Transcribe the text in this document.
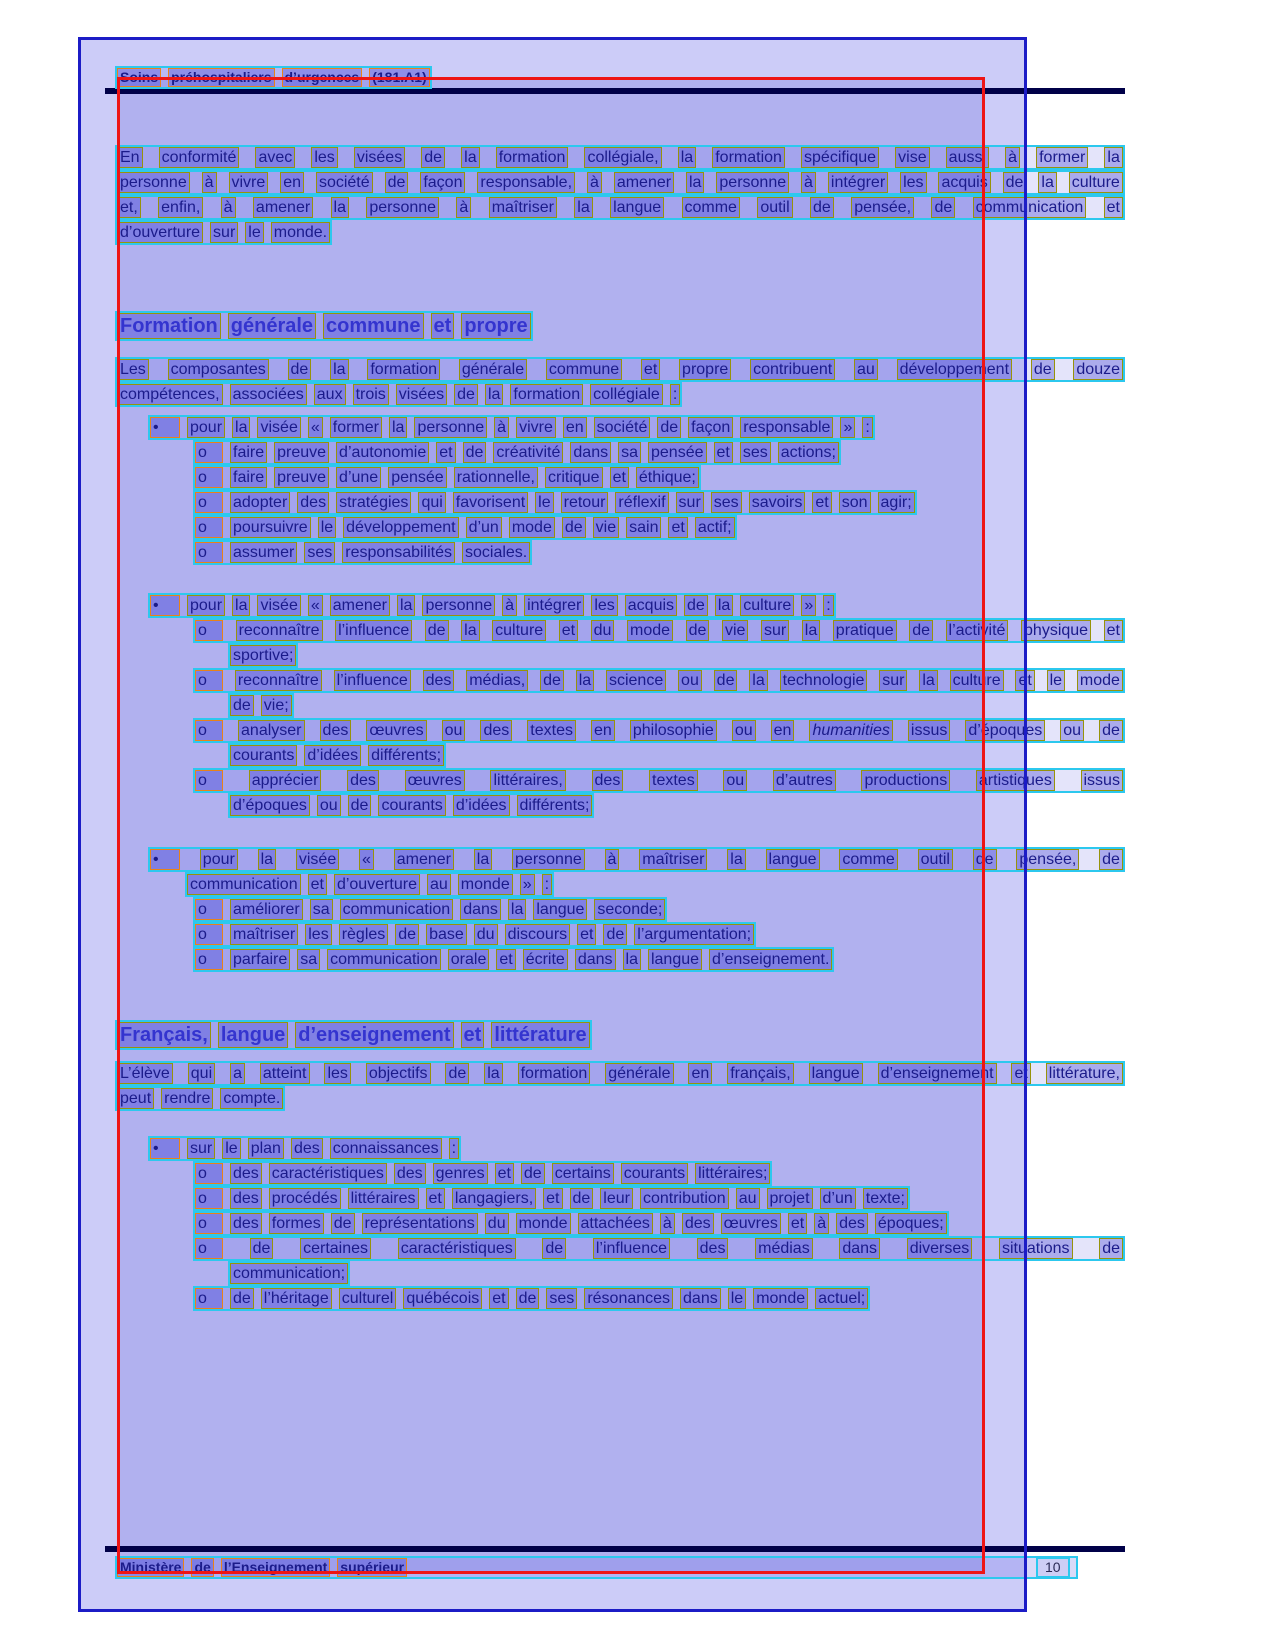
Soins préhospitaliers d’urgences (181.A1)
En conformité avec les visées de la formation collégiale, la formation spécifique vise aussi à former la
personne à vivre en société de façon responsable, à amener la personne à intégrer les acquis de la culture
et, enfin, à amener la personne à maîtriser la langue comme outil de pensée, de communication et
d’ouverture sur le monde.
Formation générale commune et propre
Les composantes de la formation générale commune et propre contribuent au développement de douze
compétences, associées aux trois visées de la formation collégiale :
•	pour la visée « former la personne à vivre en société de façon responsable » :
o	faire preuve d’autonomie et de créativité dans sa pensée et ses actions;
o	faire preuve d’une pensée rationnelle, critique et éthique;
o	adopter des stratégies qui favorisent le retour réflexif sur ses savoirs et son agir;
o	poursuivre le développement d’un mode de vie sain et actif;
o	assumer ses responsabilités sociales.
•	pour la visée « amener la personne à intégrer les acquis de la culture » :
o	reconnaître l’influence de la culture et du mode de vie sur la pratique de l’activité physique et
sportive;
o	reconnaître l’influence des médias, de la science ou de la technologie sur la culture et le mode
de vie;
o	analyser des œuvres ou des textes en philosophie ou en humanities issus d’époques ou de
courants d’idées différents;
o	apprécier des œuvres littéraires, des textes ou d’autres productions artistiques issus
d’époques ou de courants d’idées différents;
•	pour la visée « amener la personne à maîtriser la langue comme outil de pensée, de
communication et d’ouverture au monde » :
o	améliorer sa communication dans la langue seconde;
o	maîtriser les règles de base du discours et de l’argumentation;
o	parfaire sa communication orale et écrite dans la langue d’enseignement.
Français, langue d’enseignement et littérature
L’élève qui a atteint les objectifs de la formation générale en français, langue d’enseignement et littérature,
peut rendre compte.
•	sur le plan des connaissances :
o	des caractéristiques des genres et de certains courants littéraires;
o	des procédés littéraires et langagiers, et de leur contribution au projet d’un texte;
o	des formes de représentations du monde attachées à des œuvres et à des époques;
o	de certaines caractéristiques de l’influence des médias dans diverses situations de
communication;
o	de l’héritage culturel québécois et de ses résonances dans le monde actuel;
Ministère de l’Enseignement supérieur	10
